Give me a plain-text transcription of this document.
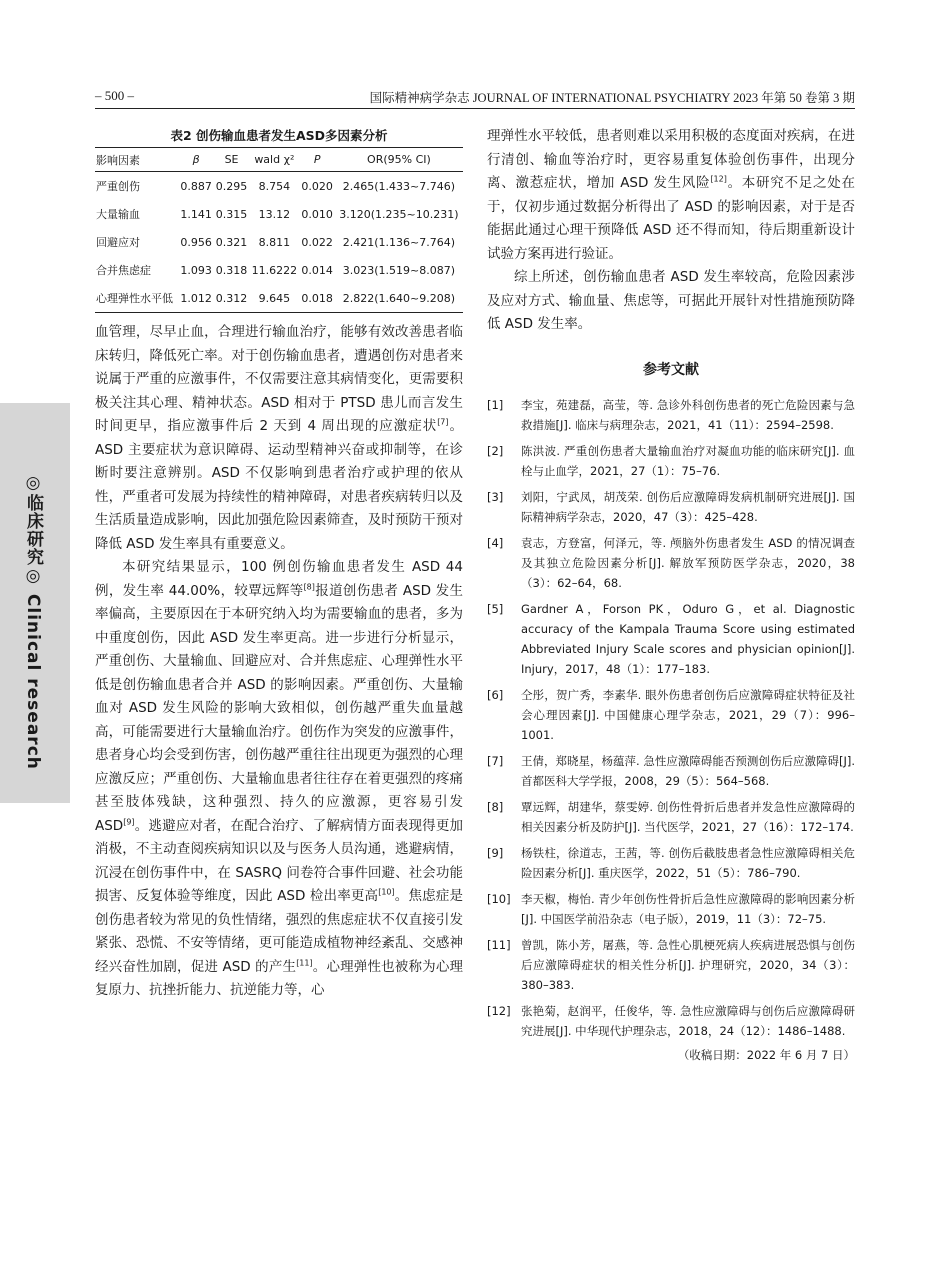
– 500 –	国际精神病学杂志 JOURNAL OF INTERNATIONAL PSYCHIATRY 2023 年第 50 卷第 3 期
◎临床研究◎ Clinical research
表2 创伤输血患者发生ASD多因素分析
影响因素	β	SE	wald χ²	P	OR(95% CI)
严重创伤	0.887	0.295	8.754	0.020	2.465(1.433~7.746)
大量输血	1.141	0.315	13.12	0.010	3.120(1.235~10.231)
回避应对	0.956	0.321	8.811	0.022	2.421(1.136~7.764)
合并焦虑症	1.093	0.318	11.6222	0.014	3.023(1.519~8.087)
心理弹性水平低	1.012	0.312	9.645	0.018	2.822(1.640~9.208)

血管理，尽早止血，合理进行输血治疗，能够有效改善患者临床转归，降低死亡率。对于创伤输血患者，遭遇创伤对患者来说属于严重的应激事件，不仅需要注意其病情变化，更需要积极关注其心理、精神状态。ASD 相对于 PTSD 患儿而言发生时间更早，指应激事件后 2 天到 4 周出现的应激症状[7]。ASD 主要症状为意识障碍、运动型精神兴奋或抑制等，在诊断时要注意辨别。ASD 不仅影响到患者治疗或护理的依从性，严重者可发展为持续性的精神障碍，对患者疾病转归以及生活质量造成影响，因此加强危险因素筛查，及时预防干预对降低 ASD 发生率具有重要意义。

本研究结果显示，100 例创伤输血患者发生 ASD 44 例，发生率 44.00%，较覃远辉等[8]报道创伤患者 ASD 发生率偏高，主要原因在于本研究纳入均为需要输血的患者，多为中重度创伤，因此 ASD 发生率更高。进一步进行分析显示，严重创伤、大量输血、回避应对、合并焦虑症、心理弹性水平低是创伤输血患者合并 ASD 的影响因素。严重创伤、大量输血对 ASD 发生风险的影响大致相似，创伤越严重失血量越高，可能需要进行大量输血治疗。创伤作为突发的应激事件，患者身心均会受到伤害，创伤越严重往往出现更为强烈的心理应激反应；严重创伤、大量输血患者往往存在着更强烈的疼痛甚至肢体残缺，这种强烈、持久的应激源，更容易引发 ASD[9]。逃避应对者，在配合治疗、了解病情方面表现得更加消极，不主动查阅疾病知识以及与医务人员沟通，逃避病情，沉浸在创伤事件中，在 SASRQ 问卷符合事件回避、社会功能损害、反复体验等维度，因此 ASD 检出率更高[10]。焦虑症是创伤患者较为常见的负性情绪，强烈的焦虑症状不仅直接引发紧张、恐慌、不安等情绪，更可能造成植物神经紊乱、交感神经兴奋性加剧，促进 ASD 的产生[11]。心理弹性也被称为心理复原力、抗挫折能力、抗逆能力等，心

理弹性水平较低，患者则难以采用积极的态度面对疾病，在进行清创、输血等治疗时，更容易重复体验创伤事件，出现分离、激惹症状，增加 ASD 发生风险[12]。本研究不足之处在于，仅初步通过数据分析得出了 ASD 的影响因素，对于是否能据此通过心理干预降低 ASD 还不得而知，待后期重新设计试验方案再进行验证。

综上所述，创伤输血患者 ASD 发生率较高，危险因素涉及应对方式、输血量、焦虑等，可据此开展针对性措施预防降低 ASD 发生率。

参考文献
[1] 李宝，苑建磊，高莹，等. 急诊外科创伤患者的死亡危险因素与急救措施[J]. 临床与病理杂志，2021，41（11）：2594–2598.
[2] 陈洪波. 严重创伤患者大量输血治疗对凝血功能的临床研究[J]. 血栓与止血学，2021，27（1）：75–76.
[3] 刘阳，宁武凤，胡茂荣. 创伤后应激障碍发病机制研究进展[J]. 国际精神病学杂志，2020，47（3）：425–428.
[4] 袁志，方登富，何泽元，等. 颅脑外伤患者发生 ASD 的情况调查及其独立危险因素分析[J]. 解放军预防医学杂志，2020，38（3）：62–64，68.
[5] Gardner A，Forson PK，Oduro G，et al. Diagnostic accuracy of the Kampala Trauma Score using estimated Abbreviated Injury Scale scores and physician opinion[J]. Injury，2017，48（1）：177–183.
[6] 仝彤，贺广秀，李素华. 眼外伤患者创伤后应激障碍症状特征及社会心理因素[J]. 中国健康心理学杂志，2021，29（7）：996–1001.
[7] 王倩，郑晓星，杨蕴萍. 急性应激障碍能否预测创伤后应激障碍[J]. 首都医科大学学报，2008，29（5）：564–568.
[8] 覃远辉，胡建华，蔡雯婷. 创伤性骨折后患者并发急性应激障碍的相关因素分析及防护[J]. 当代医学，2021，27（16）：172–174.
[9] 杨铁柱，徐道志，王茜，等. 创伤后截肢患者急性应激障碍相关危险因素分析[J]. 重庆医学，2022，51（5）：786–790.
[10] 李天椒，梅怡. 青少年创伤性骨折后急性应激障碍的影响因素分析[J]. 中国医学前沿杂志（电子版），2019，11（3）：72–75.
[11] 曾凯，陈小芳，屠燕，等. 急性心肌梗死病人疾病进展恐惧与创伤后应激障碍症状的相关性分析[J]. 护理研究，2020，34（3）：380–383.
[12] 张艳菊，赵润平，任俊华，等. 急性应激障碍与创伤后应激障碍研究进展[J]. 中华现代护理杂志，2018，24（12）：1486–1488.
（收稿日期：2022 年 6 月 7 日）
